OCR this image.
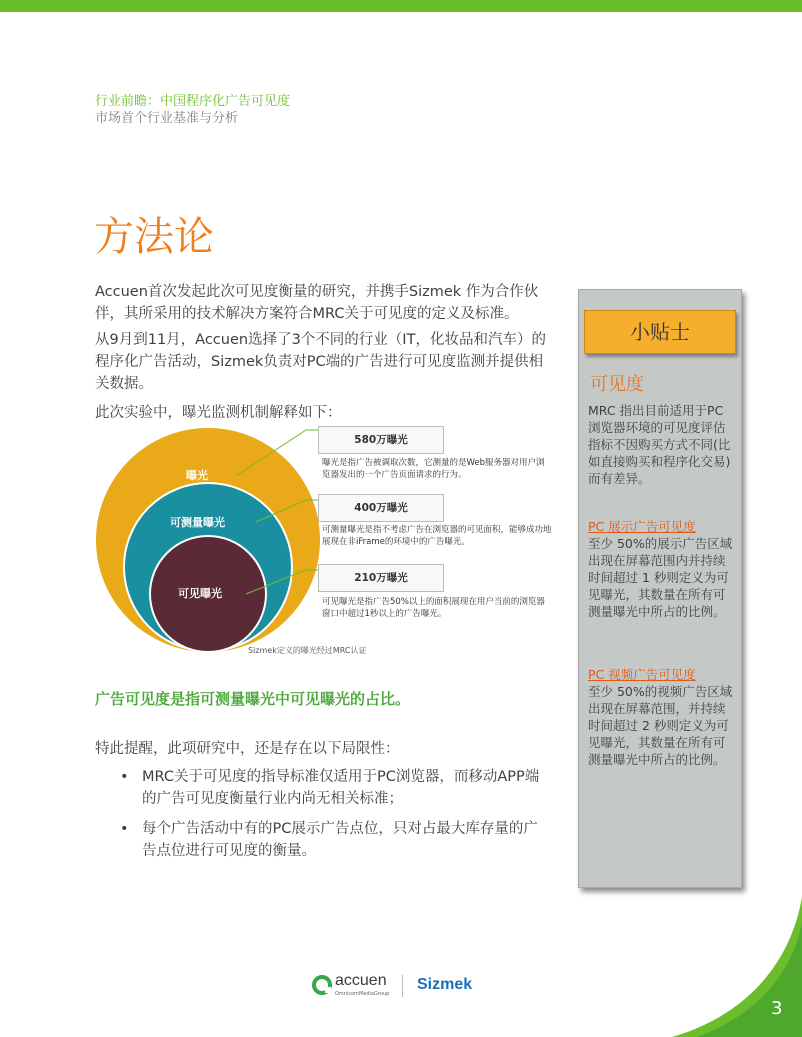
行业前瞻：中国程序化广告可见度
市场首个行业基准与分析
方法论
Accuen首次发起此次可见度衡量的研究，并携手Sizmek 作为合作伙伴，其所采用的技术解决方案符合MRC关于可见度的定义及标准。
从9月到11月，Accuen选择了3个不同的行业（IT，化妆品和汽车）的程序化广告活动，Sizmek负责对PC端的广告进行可见度监测并提供相关数据。
此次实验中，曝光监测机制解释如下：
曝光
可测量曝光
可见曝光
580万曝光
曝光是指广告被调取次数，它测量的是Web服务器对用户浏览器发出的一个广告页面请求的行为。
400万曝光
可测量曝光是指不考虑广告在浏览器的可见面积，能够成功地展现在非iFrame的环境中的广告曝光。
210万曝光
可见曝光是指广告50%以上的面积展现在用户当前的浏览器窗口中超过1秒以上的广告曝光。
Sizmek定义的曝光经过MRC认证
广告可见度是指可测量曝光中可见曝光的占比。
特此提醒，此项研究中，还是存在以下局限性：
• MRC关于可见度的指导标准仅适用于PC浏览器，而移动APP端的广告可见度衡量行业内尚无相关标准；
• 每个广告活动中有的PC展示广告点位，只对占最大库存量的广告点位进行可见度的衡量。
小贴士
可见度
MRC 指出目前适用于PC 浏览器环境的可见度评估指标不因购买方式不同(比如直接购买和程序化交易)而有差异。
PC 展示广告可见度
至少 50%的展示广告区域出现在屏幕范围内并持续时间超过 1 秒则定义为可见曝光，其数量在所有可测量曝光中所占的比例。
PC 视频广告可见度
至少 50%的视频广告区域出现在屏幕范围，并持续时间超过 2 秒则定义为可见曝光，其数量在所有可测量曝光中所占的比例。
accuen
OmnicomMediaGroup
Sizmek
3
